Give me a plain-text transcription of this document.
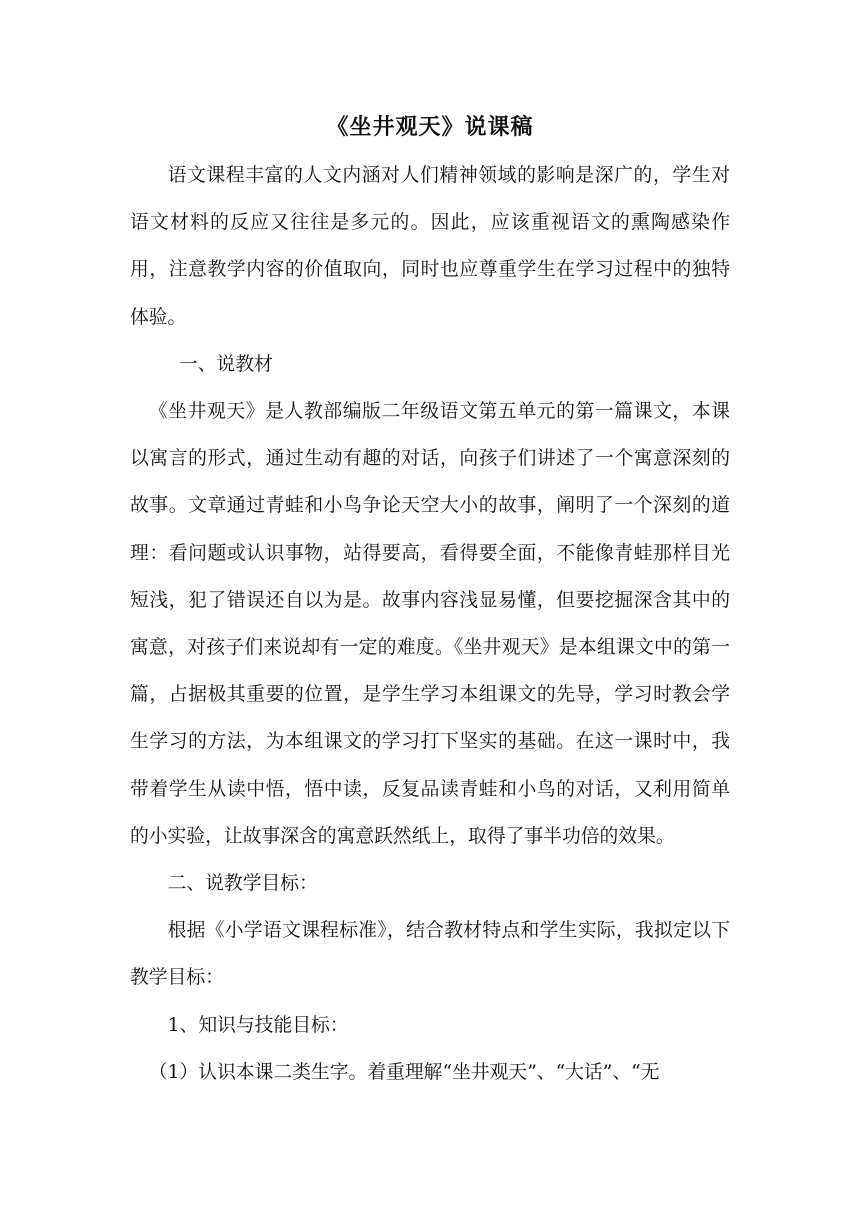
《坐井观天》说课稿

语文课程丰富的人文内涵对人们精神领域的影响是深广的，学生对语文材料的反应又往往是多元的。因此，应该重视语文的熏陶感染作用，注意教学内容的价值取向，同时也应尊重学生在学习过程中的独特体验。

一、说教材

《坐井观天》是人教部编版二年级语文第五单元的第一篇课文，本课以寓言的形式，通过生动有趣的对话，向孩子们讲述了一个寓意深刻的故事。文章通过青蛙和小鸟争论天空大小的故事，阐明了一个深刻的道理：看问题或认识事物，站得要高，看得要全面，不能像青蛙那样目光短浅，犯了错误还自以为是。故事内容浅显易懂，但要挖掘深含其中的寓意，对孩子们来说却有一定的难度。《坐井观天》是本组课文中的第一篇，占据极其重要的位置，是学生学习本组课文的先导，学习时教会学生学习的方法，为本组课文的学习打下坚实的基础。在这一课时中，我带着学生从读中悟，悟中读，反复品读青蛙和小鸟的对话，又利用简单的小实验，让故事深含的寓意跃然纸上，取得了事半功倍的效果。

二、说教学目标：

根据《小学语文课程标准》，结合教材特点和学生实际，我拟定以下教学目标：

1、知识与技能目标：

（1）认识本课二类生字。着重理解“坐井观天”、“大话”、“无
